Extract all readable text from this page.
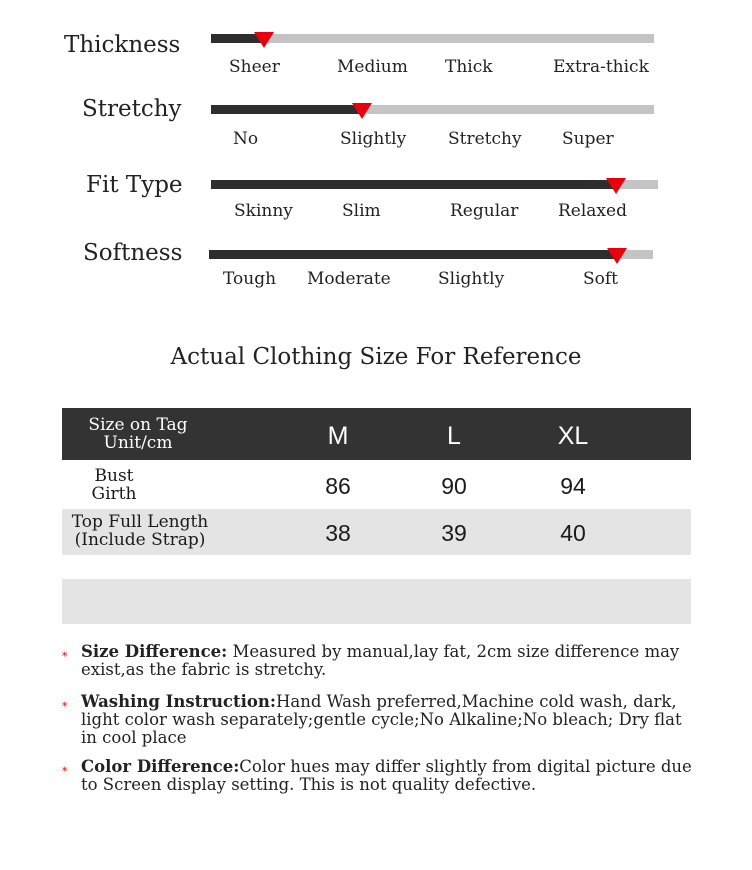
Thickness
Sheer	Medium Thick	Extra-thick
Stretchy
No	Slightly Stretchy Super
Fit Type
Skinny	Slim	Regular Relaxed
Softness
Tough Moderate	Slightly	Soft
Actual Clothing Size For Reference
Size on Tag
Unit/cm	M	L	XL
Bust
Girth	86	90	94
Top Full Length
(Include Strap)	38	39	40
* Size Difference: Measured by manual,lay fat, 2cm size difference may exist,as the fabric is stretchy.
* Washing Instruction:Hand Wash preferred,Machine cold wash, dark, light color wash separately;gentle cycle;No Alkaline;No bleach; Dry flat in cool place
* Color Difference:Color hues may differ slightly from digital picture due to Screen display setting. This is not quality defective.
